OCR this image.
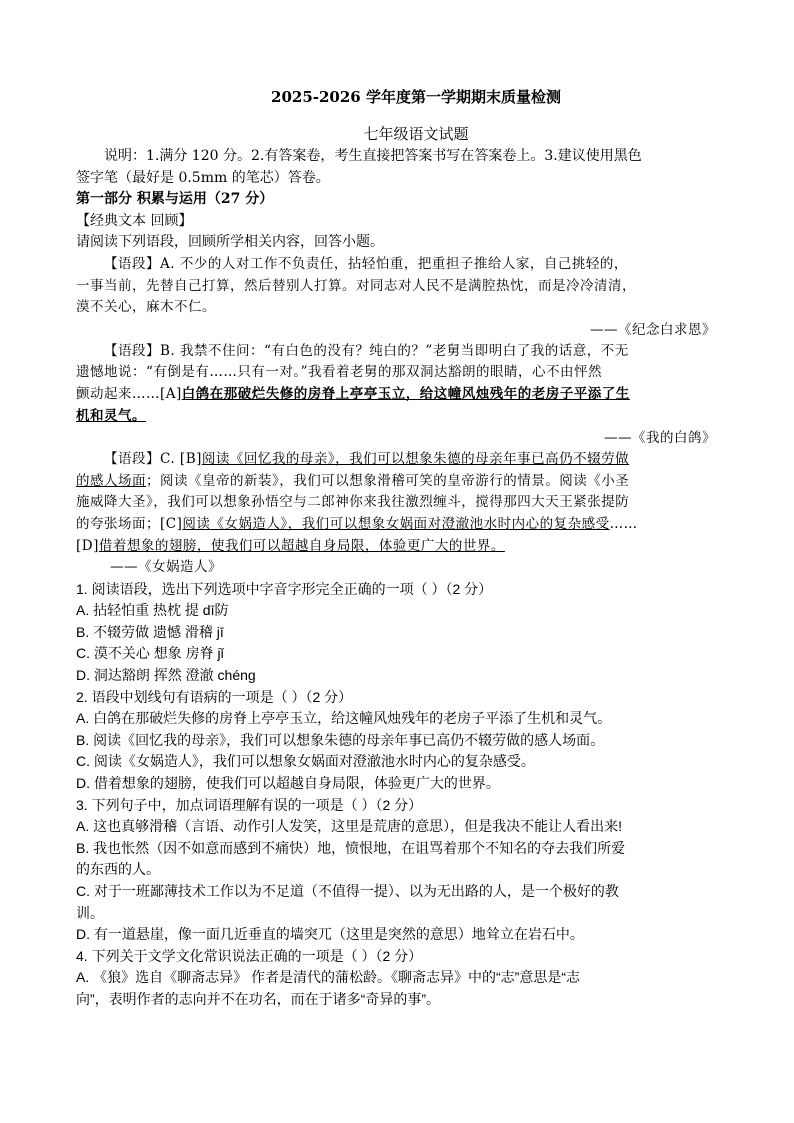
2025-2026 学年度第一学期期末质量检测
七年级语文试题
说明：1.满分 120 分。2.有答案卷，考生直接把答案书写在答案卷上。3.建议使用黑色
签字笔（最好是 0.5mm 的笔芯）答卷。
第一部分 积累与运用（27 分）
【经典文本 回顾】
请阅读下列语段，回顾所学相关内容，回答小题。
【语段】A. 不少的人对工作不负责任，拈轻怕重，把重担子推给人家，自己挑轻的，
一事当前，先替自己打算，然后替别人打算。对同志对人民不是满腔热忱，而是冷冷清清，
漠不关心，麻木不仁。
——《纪念白求恩》
【语段】B. 我禁不住问：“有白色的没有？纯白的？”老舅当即明白了我的话意，不无
遗憾地说：“有倒是有……只有一对。”我看着老舅的那双洞达豁朗的眼睛，心不由怦然
颤动起来……[A]白鸽在那破烂失修的房脊上亭亭玉立，给这幢风烛残年的老房子平添了生
机和灵气。
——《我的白鸽》
【语段】C. [B]阅读《回忆我的母亲》，我们可以想象朱德的母亲年事已高仍不辍劳做
的感人场面；阅读《皇帝的新装》，我们可以想象滑稽可笑的皇帝游行的情景。阅读《小圣
施威降大圣》，我们可以想象孙悟空与二郎神你来我往激烈缠斗，搅得那四大天王紧张提防
的夸张场面；[C]阅读《女娲造人》，我们可以想象女娲面对澄澈池水时内心的复杂感受……
[D]借着想象的翅膀，使我们可以超越自身局限，体验更广大的世界。
——《女娲造人》
1. 阅读语段，选出下列选项中字音字形完全正确的一项（ ）（2 分）
A. 拈轻怕重 热枕 提 dī防
B. 不辍劳做 遗憾 滑稽 jī
C. 漠不关心 想象 房脊 jǐ
D. 洞达豁朗 挥然 澄澈 chéng
2. 语段中划线句有语病的一项是（ ）（2 分）
A. 白鸽在那破烂失修的房脊上亭亭玉立，给这幢风烛残年的老房子平添了生机和灵气。
B. 阅读《回忆我的母亲》，我们可以想象朱德的母亲年事已高仍不辍劳做的感人场面。
C. 阅读《女娲造人》，我们可以想象女娲面对澄澈池水时内心的复杂感受。
D. 借着想象的翅膀，使我们可以超越自身局限，体验更广大的世界。
3. 下列句子中，加点词语理解有误的一项是（ ）（2 分）
A. 这也真够滑稽（言语、动作引人发笑，这里是荒唐的意思），但是我决不能让人看出来!
B. 我也怅然（因不如意而感到不痛快）地，愤恨地，在诅骂着那个不知名的夺去我们所爱
的东西的人。
C. 对于一班鄙薄技术工作以为不足道（不值得一提）、以为无出路的人，是一个极好的教
训。
D. 有一道悬崖，像一面几近垂直的墙突兀（这里是突然的意思）地耸立在岩石中。
4. 下列关于文学文化常识说法正确的一项是（ ）（2 分）
A. 《狼》选自《聊斋志异》 作者是清代的蒲松龄。《聊斋志异》中的“志”意思是“志
向”，表明作者的志向并不在功名，而在于诸多“奇异的事”。
